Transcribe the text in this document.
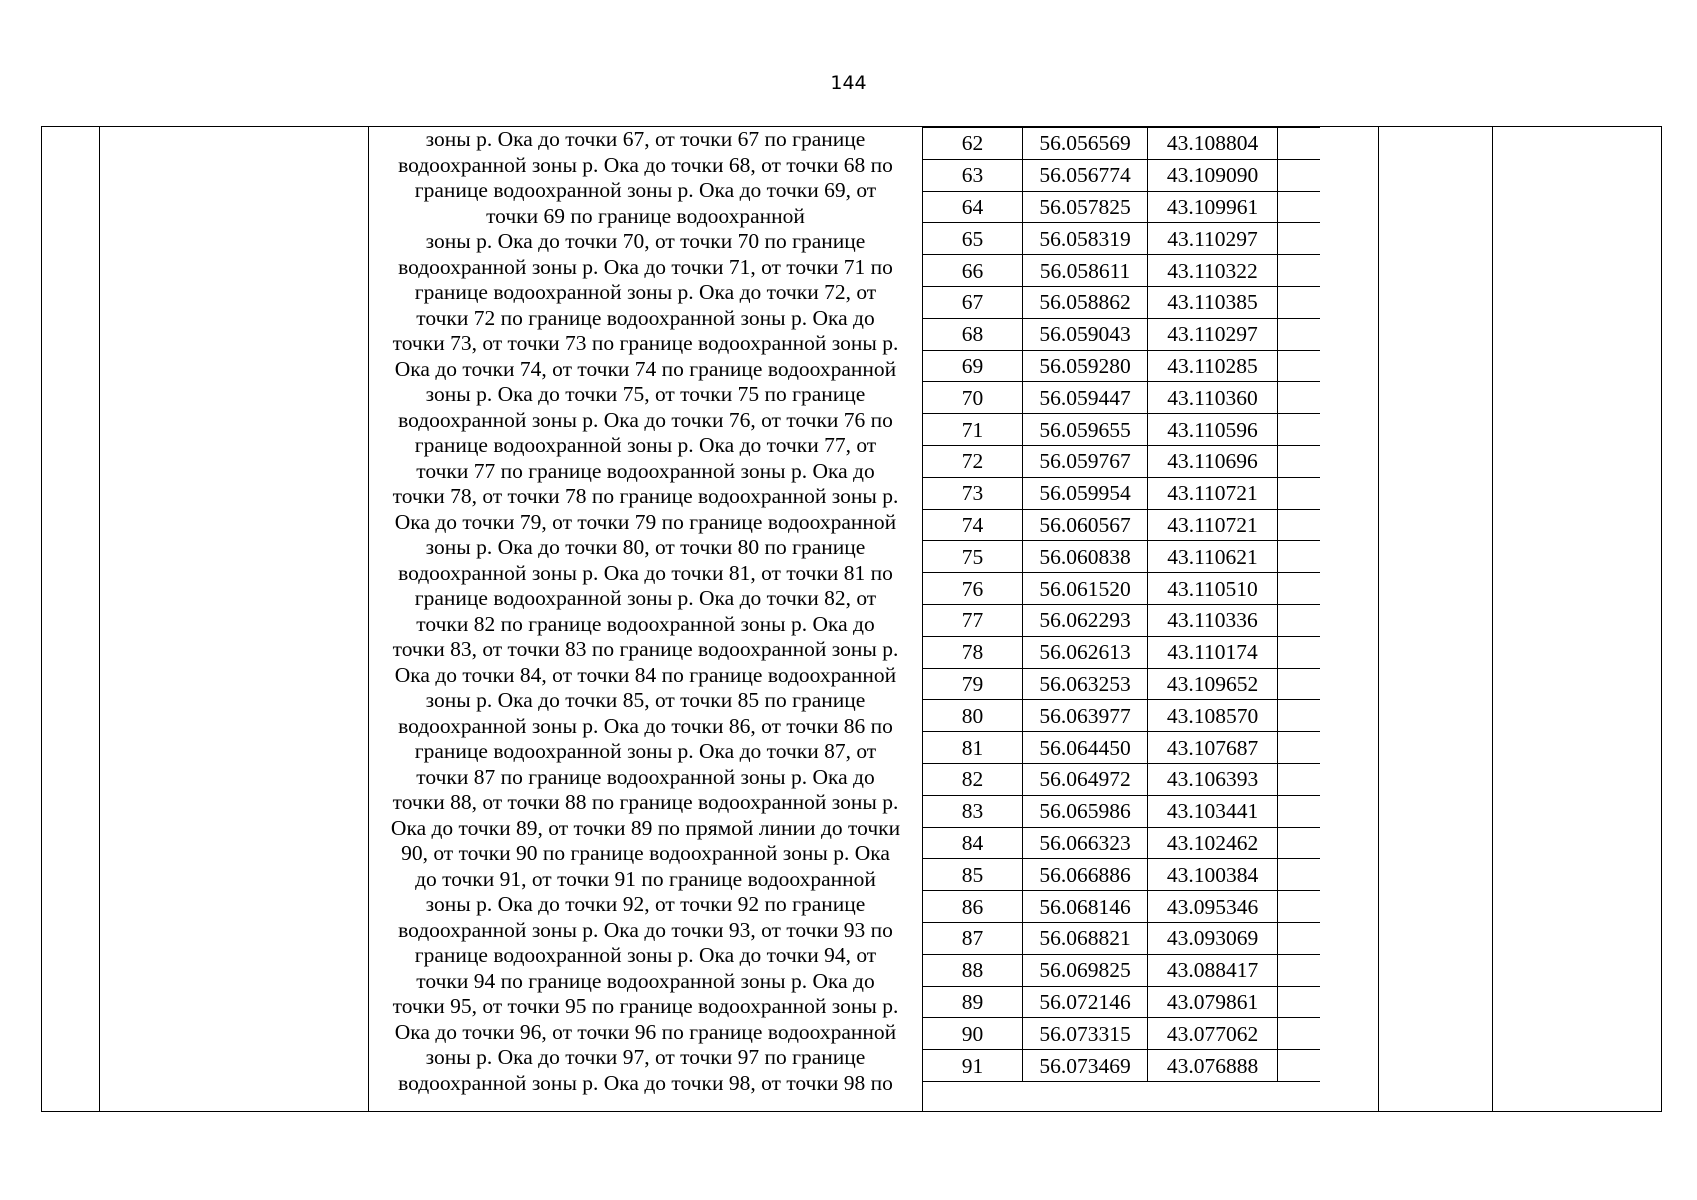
144
зоны р. Ока до точки 67, от точки 67 по границе
водоохранной зоны р. Ока до точки 68, от точки 68 по
границе водоохранной зоны р. Ока до точки 69, от
точки 69 по границе водоохранной
зоны р. Ока до точки 70, от точки 70 по границе
водоохранной зоны р. Ока до точки 71, от точки 71 по
границе водоохранной зоны р. Ока до точки 72, от
точки 72 по границе водоохранной зоны р. Ока до
точки 73, от точки 73 по границе водоохранной зоны р.
Ока до точки 74, от точки 74 по границе водоохранной
зоны р. Ока до точки 75, от точки 75 по границе
водоохранной зоны р. Ока до точки 76, от точки 76 по
границе водоохранной зоны р. Ока до точки 77, от
точки 77 по границе водоохранной зоны р. Ока до
точки 78, от точки 78 по границе водоохранной зоны р.
Ока до точки 79, от точки 79 по границе водоохранной
зоны р. Ока до точки 80, от точки 80 по границе
водоохранной зоны р. Ока до точки 81, от точки 81 по
границе водоохранной зоны р. Ока до точки 82, от
точки 82 по границе водоохранной зоны р. Ока до
точки 83, от точки 83 по границе водоохранной зоны р.
Ока до точки 84, от точки 84 по границе водоохранной
зоны р. Ока до точки 85, от точки 85 по границе
водоохранной зоны р. Ока до точки 86, от точки 86 по
границе водоохранной зоны р. Ока до точки 87, от
точки 87 по границе водоохранной зоны р. Ока до
точки 88, от точки 88 по границе водоохранной зоны р.
Ока до точки 89, от точки 89 по прямой линии до точки
90, от точки 90 по границе водоохранной зоны р. Ока
до точки 91, от точки 91 по границе водоохранной
зоны р. Ока до точки 92, от точки 92 по границе
водоохранной зоны р. Ока до точки 93, от точки 93 по
границе водоохранной зоны р. Ока до точки 94, от
точки 94 по границе водоохранной зоны р. Ока до
точки 95, от точки 95 по границе водоохранной зоны р.
Ока до точки 96, от точки 96 по границе водоохранной
зоны р. Ока до точки 97, от точки 97 по границе
водоохранной зоны р. Ока до точки 98, от точки 98 по
62	56.056569	43.108804	
63	56.056774	43.109090	
64	56.057825	43.109961	
65	56.058319	43.110297	
66	56.058611	43.110322	
67	56.058862	43.110385	
68	56.059043	43.110297	
69	56.059280	43.110285	
70	56.059447	43.110360	
71	56.059655	43.110596	
72	56.059767	43.110696	
73	56.059954	43.110721	
74	56.060567	43.110721	
75	56.060838	43.110621	
76	56.061520	43.110510	
77	56.062293	43.110336	
78	56.062613	43.110174	
79	56.063253	43.109652	
80	56.063977	43.108570	
81	56.064450	43.107687	
82	56.064972	43.106393	
83	56.065986	43.103441	
84	56.066323	43.102462	
85	56.066886	43.100384	
86	56.068146	43.095346	
87	56.068821	43.093069	
88	56.069825	43.088417	
89	56.072146	43.079861	
90	56.073315	43.077062	
91	56.073469	43.076888	
